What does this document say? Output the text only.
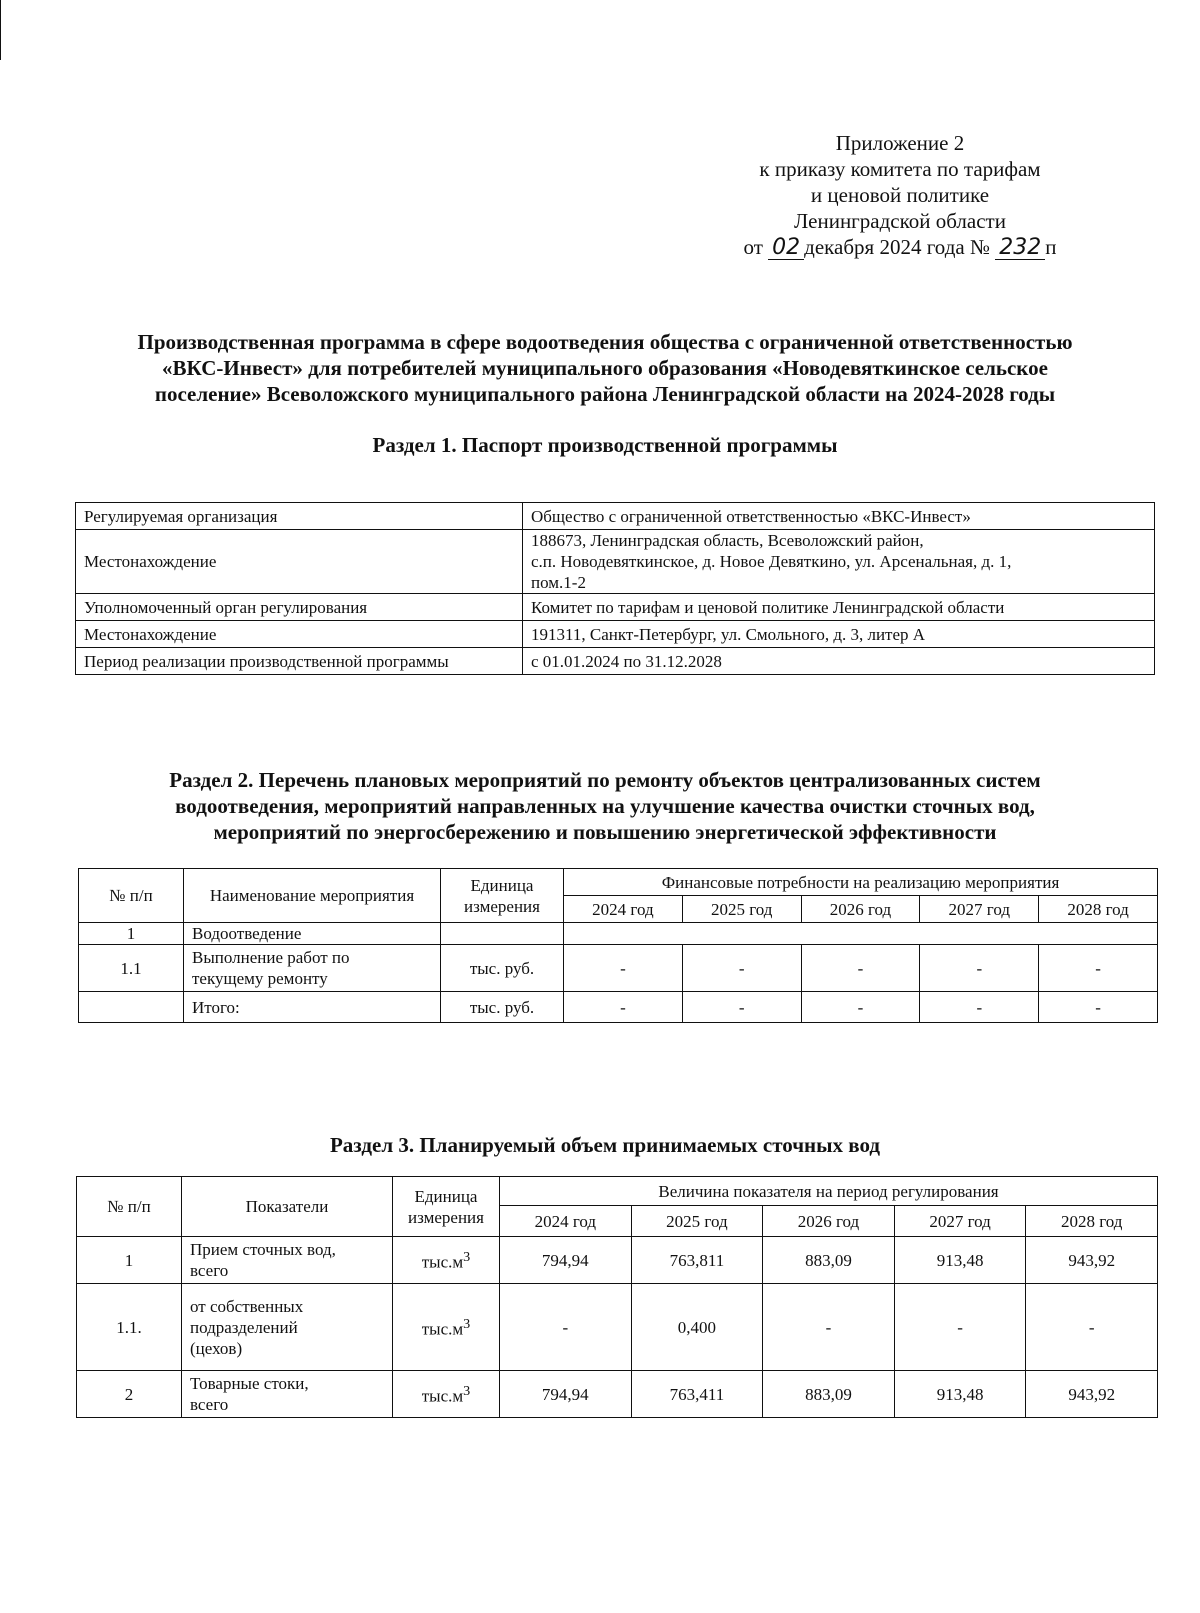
Приложение 2
к приказу комитета по тарифам
и ценовой политике
Ленинградской области
от 02 декабря 2024 года № 232 п
Производственная программа в сфере водоотведения общества с ограниченной ответственностью
«ВКС-Инвест» для потребителей муниципального образования «Новодевяткинское сельское
поселение» Всеволожского муниципального района Ленинградской области на 2024-2028 годы
Раздел 1. Паспорт производственной программы
Регулируемая организация	Общество с ограниченной ответственностью «ВКС-Инвест»

Местонахождение	188673, Ленинградская область, Всеволожский район,
с.п. Новодевяткинское, д. Новое Девяткино, ул. Арсенальная, д. 1,
пом.1-2

Уполномоченный орган регулирования	Комитет по тарифам и ценовой политике Ленинградской области

Местонахождение	191311, Санкт-Петербург, ул. Смольного, д. 3, литер А

Период реализации производственной программы	с 01.01.2024 по 31.12.2028
Раздел 2. Перечень плановых мероприятий по ремонту объектов централизованных систем
водоотведения, мероприятий направленных на улучшение качества очистки сточных вод,
мероприятий по энергосбережению и повышению энергетической эффективности
№ п/п	Наименование мероприятия	Единица
измерения	Финансовые потребности на реализацию мероприятия				
			2024 год	2025 год	2026 год	2027 год	2028 год
1	Водоотведение						
1.1	Выполнение работ по
текущему ремонту	тыс. руб.	-	-	-	-	-
	Итого:	тыс. руб.	-	-	-	-	-
Раздел 3. Планируемый объем принимаемых сточных вод
№ п/п	Показатели	Единица
измерения	Величина показателя на период регулирования				
			2024 год	2025 год	2026 год	2027 год	2028 год
1	Прием сточных вод,
всего	$тыс.м^3$	794,94	763,811	883,09	913,48	943,92
1.1.	от собственных
подразделений
(цехов)	$тыс.м^3$	-	0,400	-	-	-
2	Товарные стоки,
всего	$тыс.м^3$	794,94	763,411	883,09	913,48	943,92
